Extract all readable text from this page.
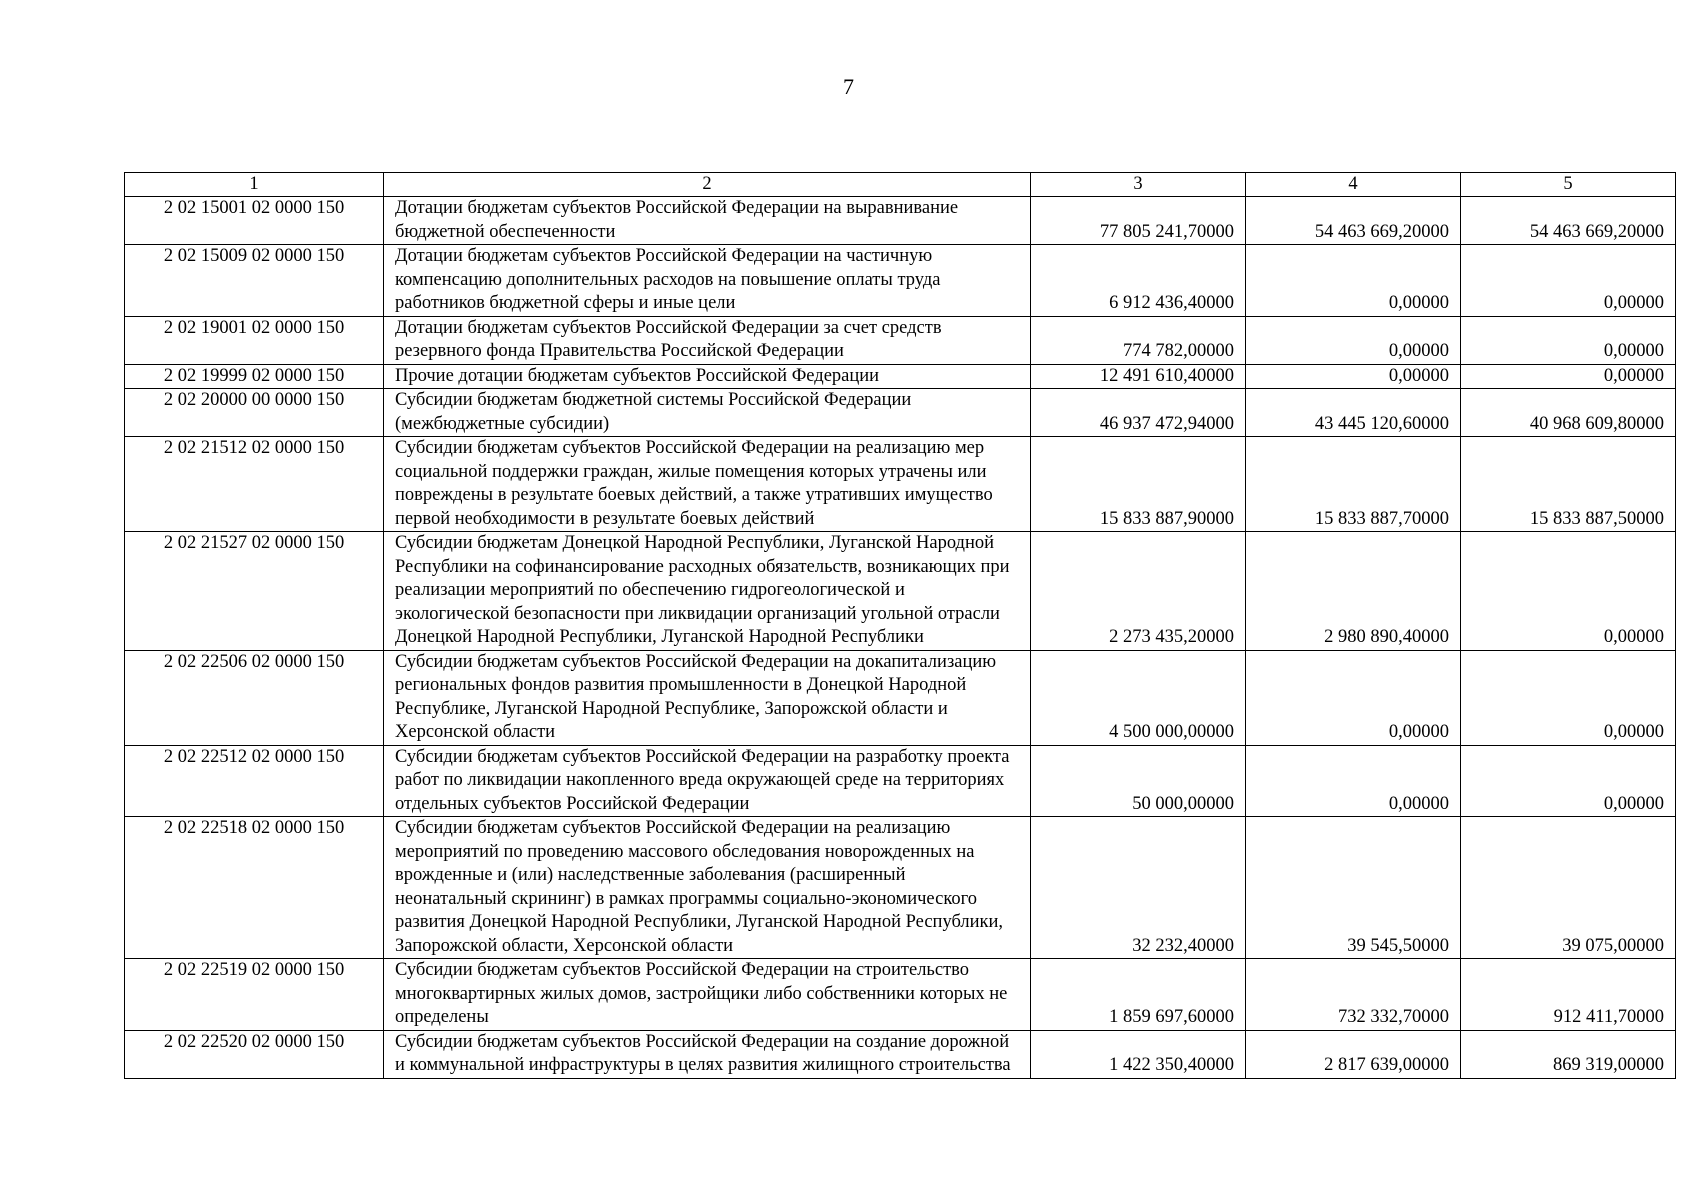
7
1	2	3	4	5
2 02 15001 02 0000 150	Дотации бюджетам субъектов Российской Федерации на выравнивание бюджетной обеспеченности	77 805 241,70000	54 463 669,20000	54 463 669,20000
2 02 15009 02 0000 150	Дотации бюджетам субъектов Российской Федерации на частичную компенсацию дополнительных расходов на повышение оплаты труда работников бюджетной сферы и иные цели	6 912 436,40000	0,00000	0,00000
2 02 19001 02 0000 150	Дотации бюджетам субъектов Российской Федерации за счет средств резервного фонда Правительства Российской Федерации	774 782,00000	0,00000	0,00000
2 02 19999 02 0000 150	Прочие дотации бюджетам субъектов Российской Федерации	12 491 610,40000	0,00000	0,00000
2 02 20000 00 0000 150	Субсидии бюджетам бюджетной системы Российской Федерации (межбюджетные субсидии)	46 937 472,94000	43 445 120,60000	40 968 609,80000
2 02 21512 02 0000 150	Субсидии бюджетам субъектов Российской Федерации на реализацию мер социальной поддержки граждан, жилые помещения которых утрачены или повреждены в результате боевых действий, а также утративших имущество первой необходимости в результате боевых действий	15 833 887,90000	15 833 887,70000	15 833 887,50000
2 02 21527 02 0000 150	Субсидии бюджетам Донецкой Народной Республики, Луганской Народной Республики на софинансирование расходных обязательств, возникающих при реализации мероприятий по обеспечению гидрогеологической и экологической безопасности при ликвидации организаций угольной отрасли Донецкой Народной Республики, Луганской Народной Республики	2 273 435,20000	2 980 890,40000	0,00000
2 02 22506 02 0000 150	Субсидии бюджетам субъектов Российской Федерации на докапитализацию региональных фондов развития промышленности в Донецкой Народной Республике, Луганской Народной Республике, Запорожской области и Херсонской области	4 500 000,00000	0,00000	0,00000
2 02 22512 02 0000 150	Субсидии бюджетам субъектов Российской Федерации на разработку проекта работ по ликвидации накопленного вреда окружающей среде на территориях отдельных субъектов Российской Федерации	50 000,00000	0,00000	0,00000
2 02 22518 02 0000 150	Субсидии бюджетам субъектов Российской Федерации на реализацию мероприятий по проведению массового обследования новорожденных на врожденные и (или) наследственные заболевания (расширенный неонатальный скрининг) в рамках программы социально-экономического развития Донецкой Народной Республики, Луганской Народной Республики, Запорожской области, Херсонской области	32 232,40000	39 545,50000	39 075,00000
2 02 22519 02 0000 150	Субсидии бюджетам субъектов Российской Федерации на строительство многоквартирных жилых домов, застройщики либо собственники которых не определены	1 859 697,60000	732 332,70000	912 411,70000
2 02 22520 02 0000 150	Субсидии бюджетам субъектов Российской Федерации на создание дорожной и коммунальной инфраструктуры в целях развития жилищного строительства	1 422 350,40000	2 817 639,00000	869 319,00000
